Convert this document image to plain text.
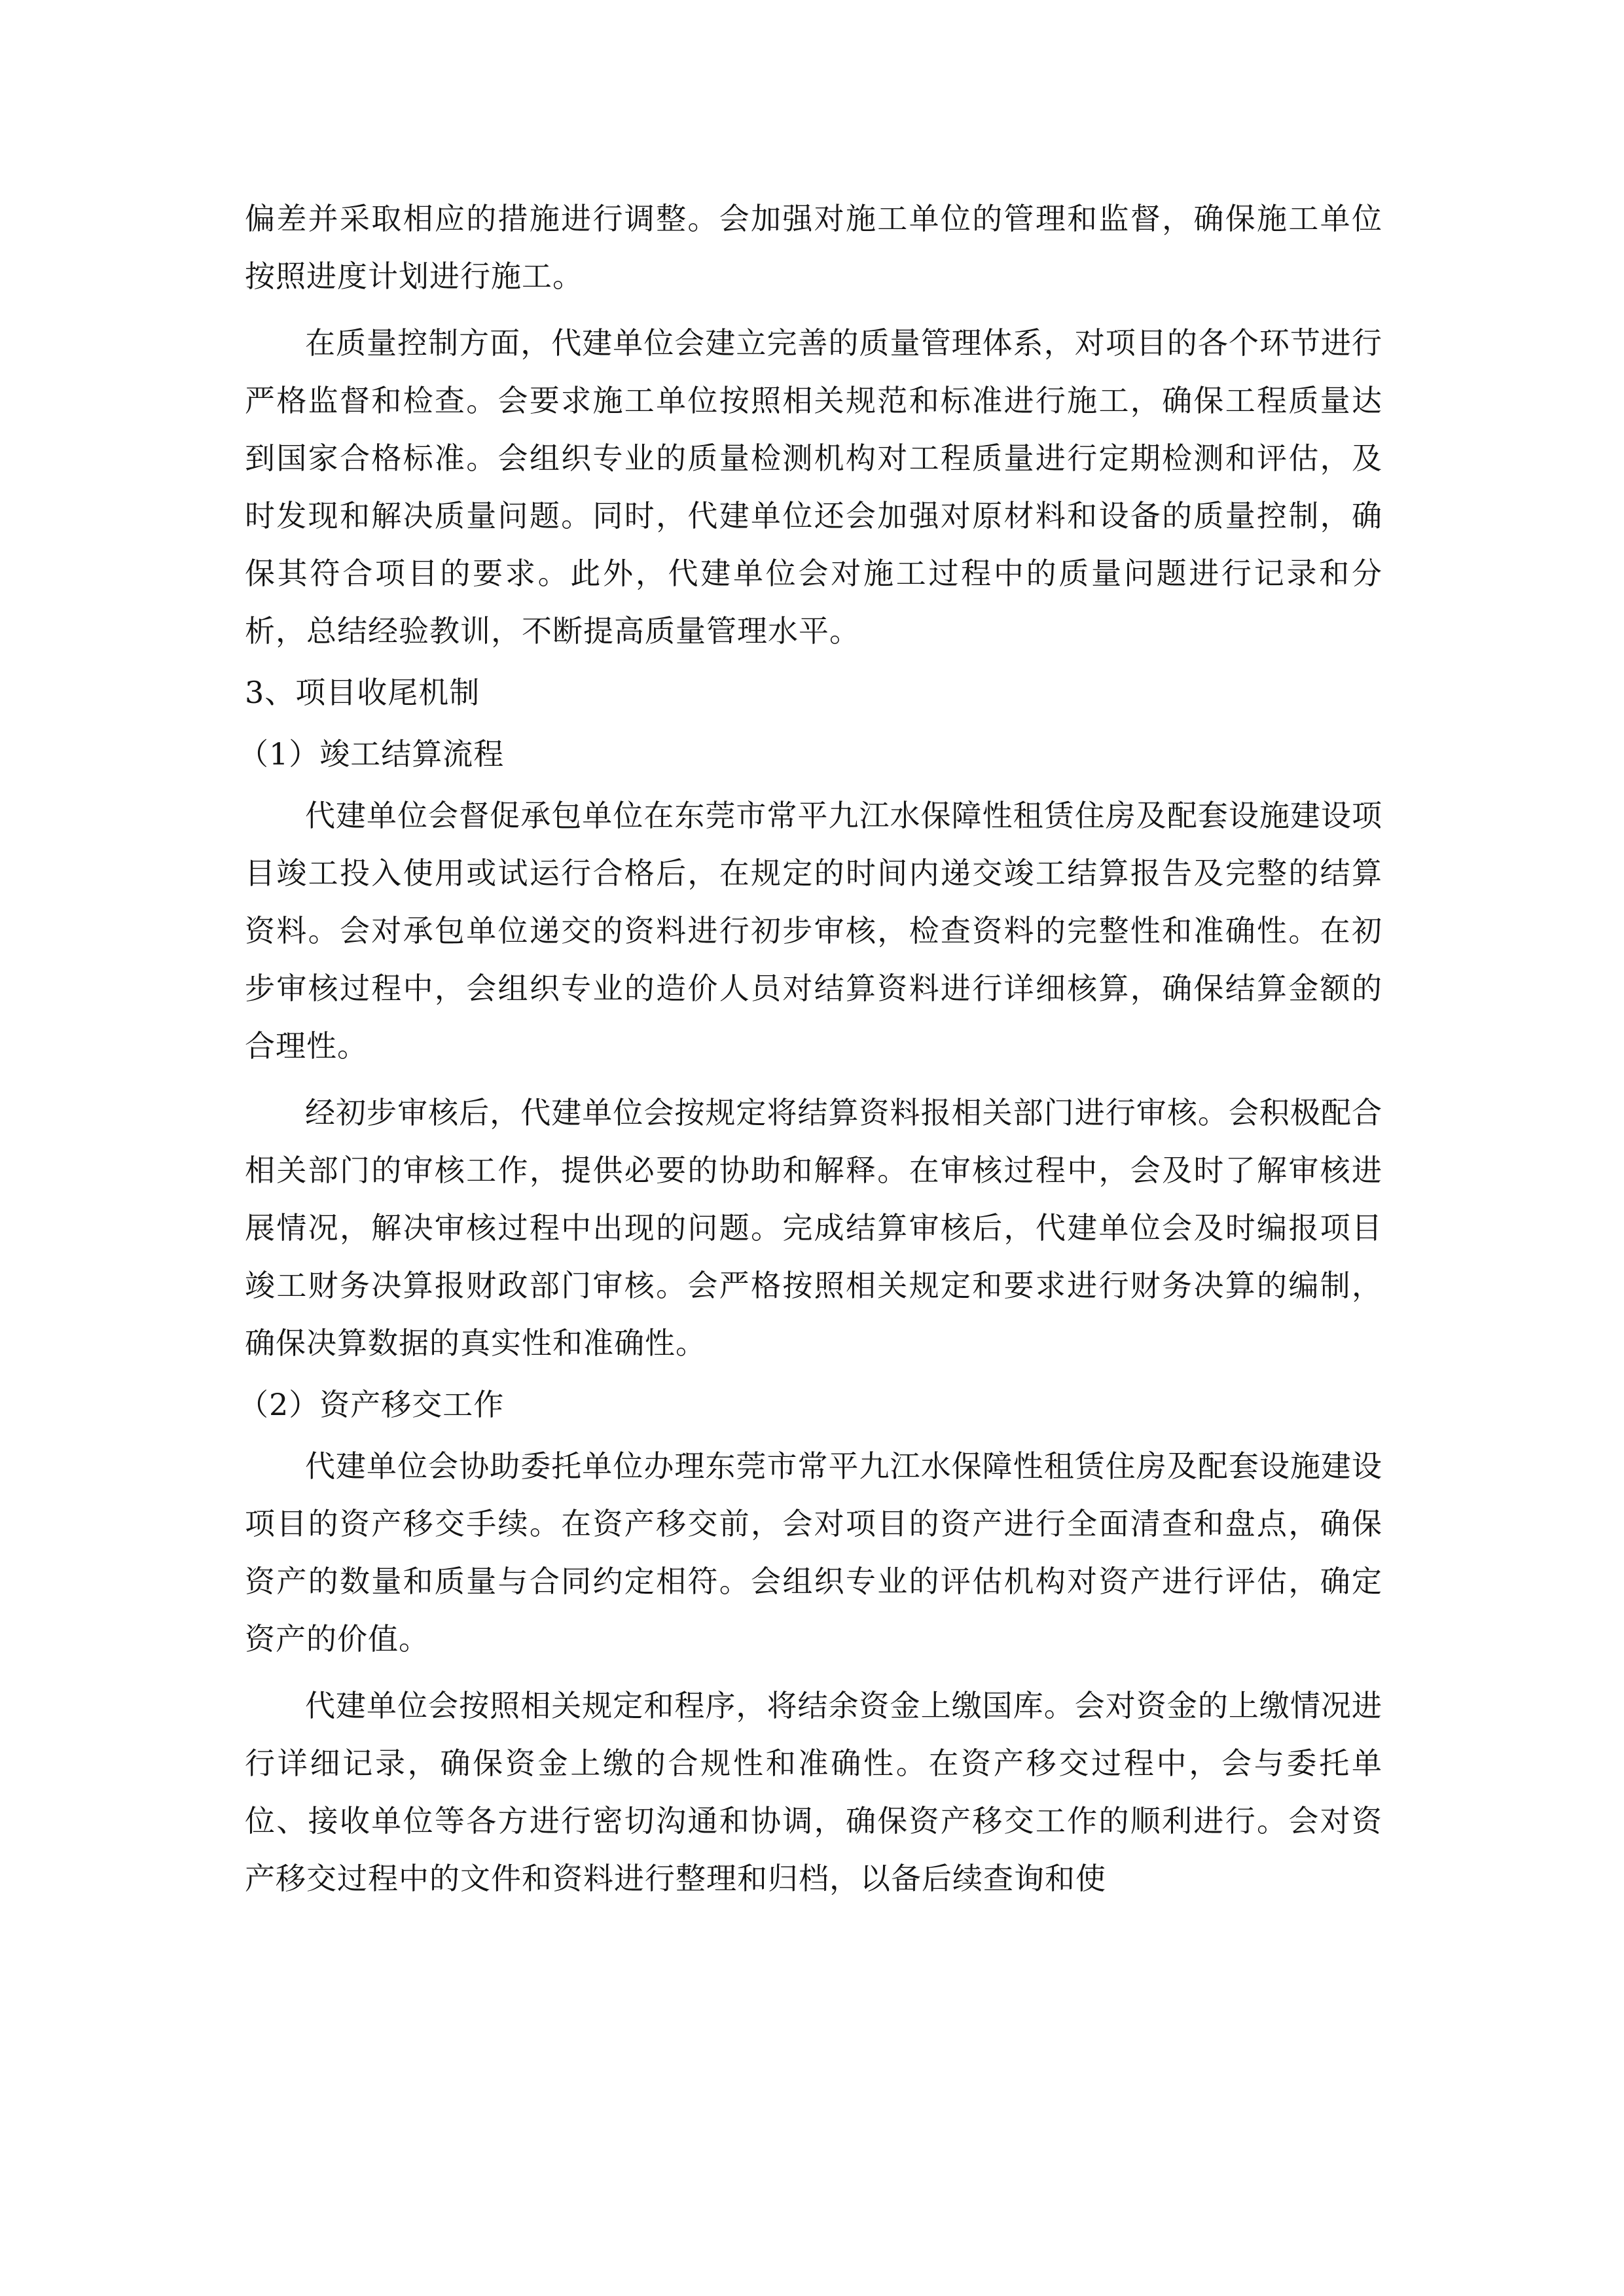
偏差并采取相应的措施进行调整。会加强对施工单位的管理和监督，确保施工单位按照进度计划进行施工。

在质量控制方面，代建单位会建立完善的质量管理体系，对项目的各个环节进行严格监督和检查。会要求施工单位按照相关规范和标准进行施工，确保工程质量达到国家合格标准。会组织专业的质量检测机构对工程质量进行定期检测和评估，及时发现和解决质量问题。同时，代建单位还会加强对原材料和设备的质量控制，确保其符合项目的要求。此外，代建单位会对施工过程中的质量问题进行记录和分析，总结经验教训，不断提高质量管理水平。

3、项目收尾机制

（1）竣工结算流程

代建单位会督促承包单位在东莞市常平九江水保障性租赁住房及配套设施建设项目竣工投入使用或试运行合格后，在规定的时间内递交竣工结算报告及完整的结算资料。会对承包单位递交的资料进行初步审核，检查资料的完整性和准确性。在初步审核过程中，会组织专业的造价人员对结算资料进行详细核算，确保结算金额的合理性。

经初步审核后，代建单位会按规定将结算资料报相关部门进行审核。会积极配合相关部门的审核工作，提供必要的协助和解释。在审核过程中，会及时了解审核进展情况，解决审核过程中出现的问题。完成结算审核后，代建单位会及时编报项目竣工财务决算报财政部门审核。会严格按照相关规定和要求进行财务决算的编制，确保决算数据的真实性和准确性。

（2）资产移交工作

代建单位会协助委托单位办理东莞市常平九江水保障性租赁住房及配套设施建设项目的资产移交手续。在资产移交前，会对项目的资产进行全面清查和盘点，确保资产的数量和质量与合同约定相符。会组织专业的评估机构对资产进行评估，确定资产的价值。

代建单位会按照相关规定和程序，将结余资金上缴国库。会对资金的上缴情况进行详细记录，确保资金上缴的合规性和准确性。在资产移交过程中，会与委托单位、接收单位等各方进行密切沟通和协调，确保资产移交工作的顺利进行。会对资产移交过程中的文件和资料进行整理和归档，以备后续查询和使
